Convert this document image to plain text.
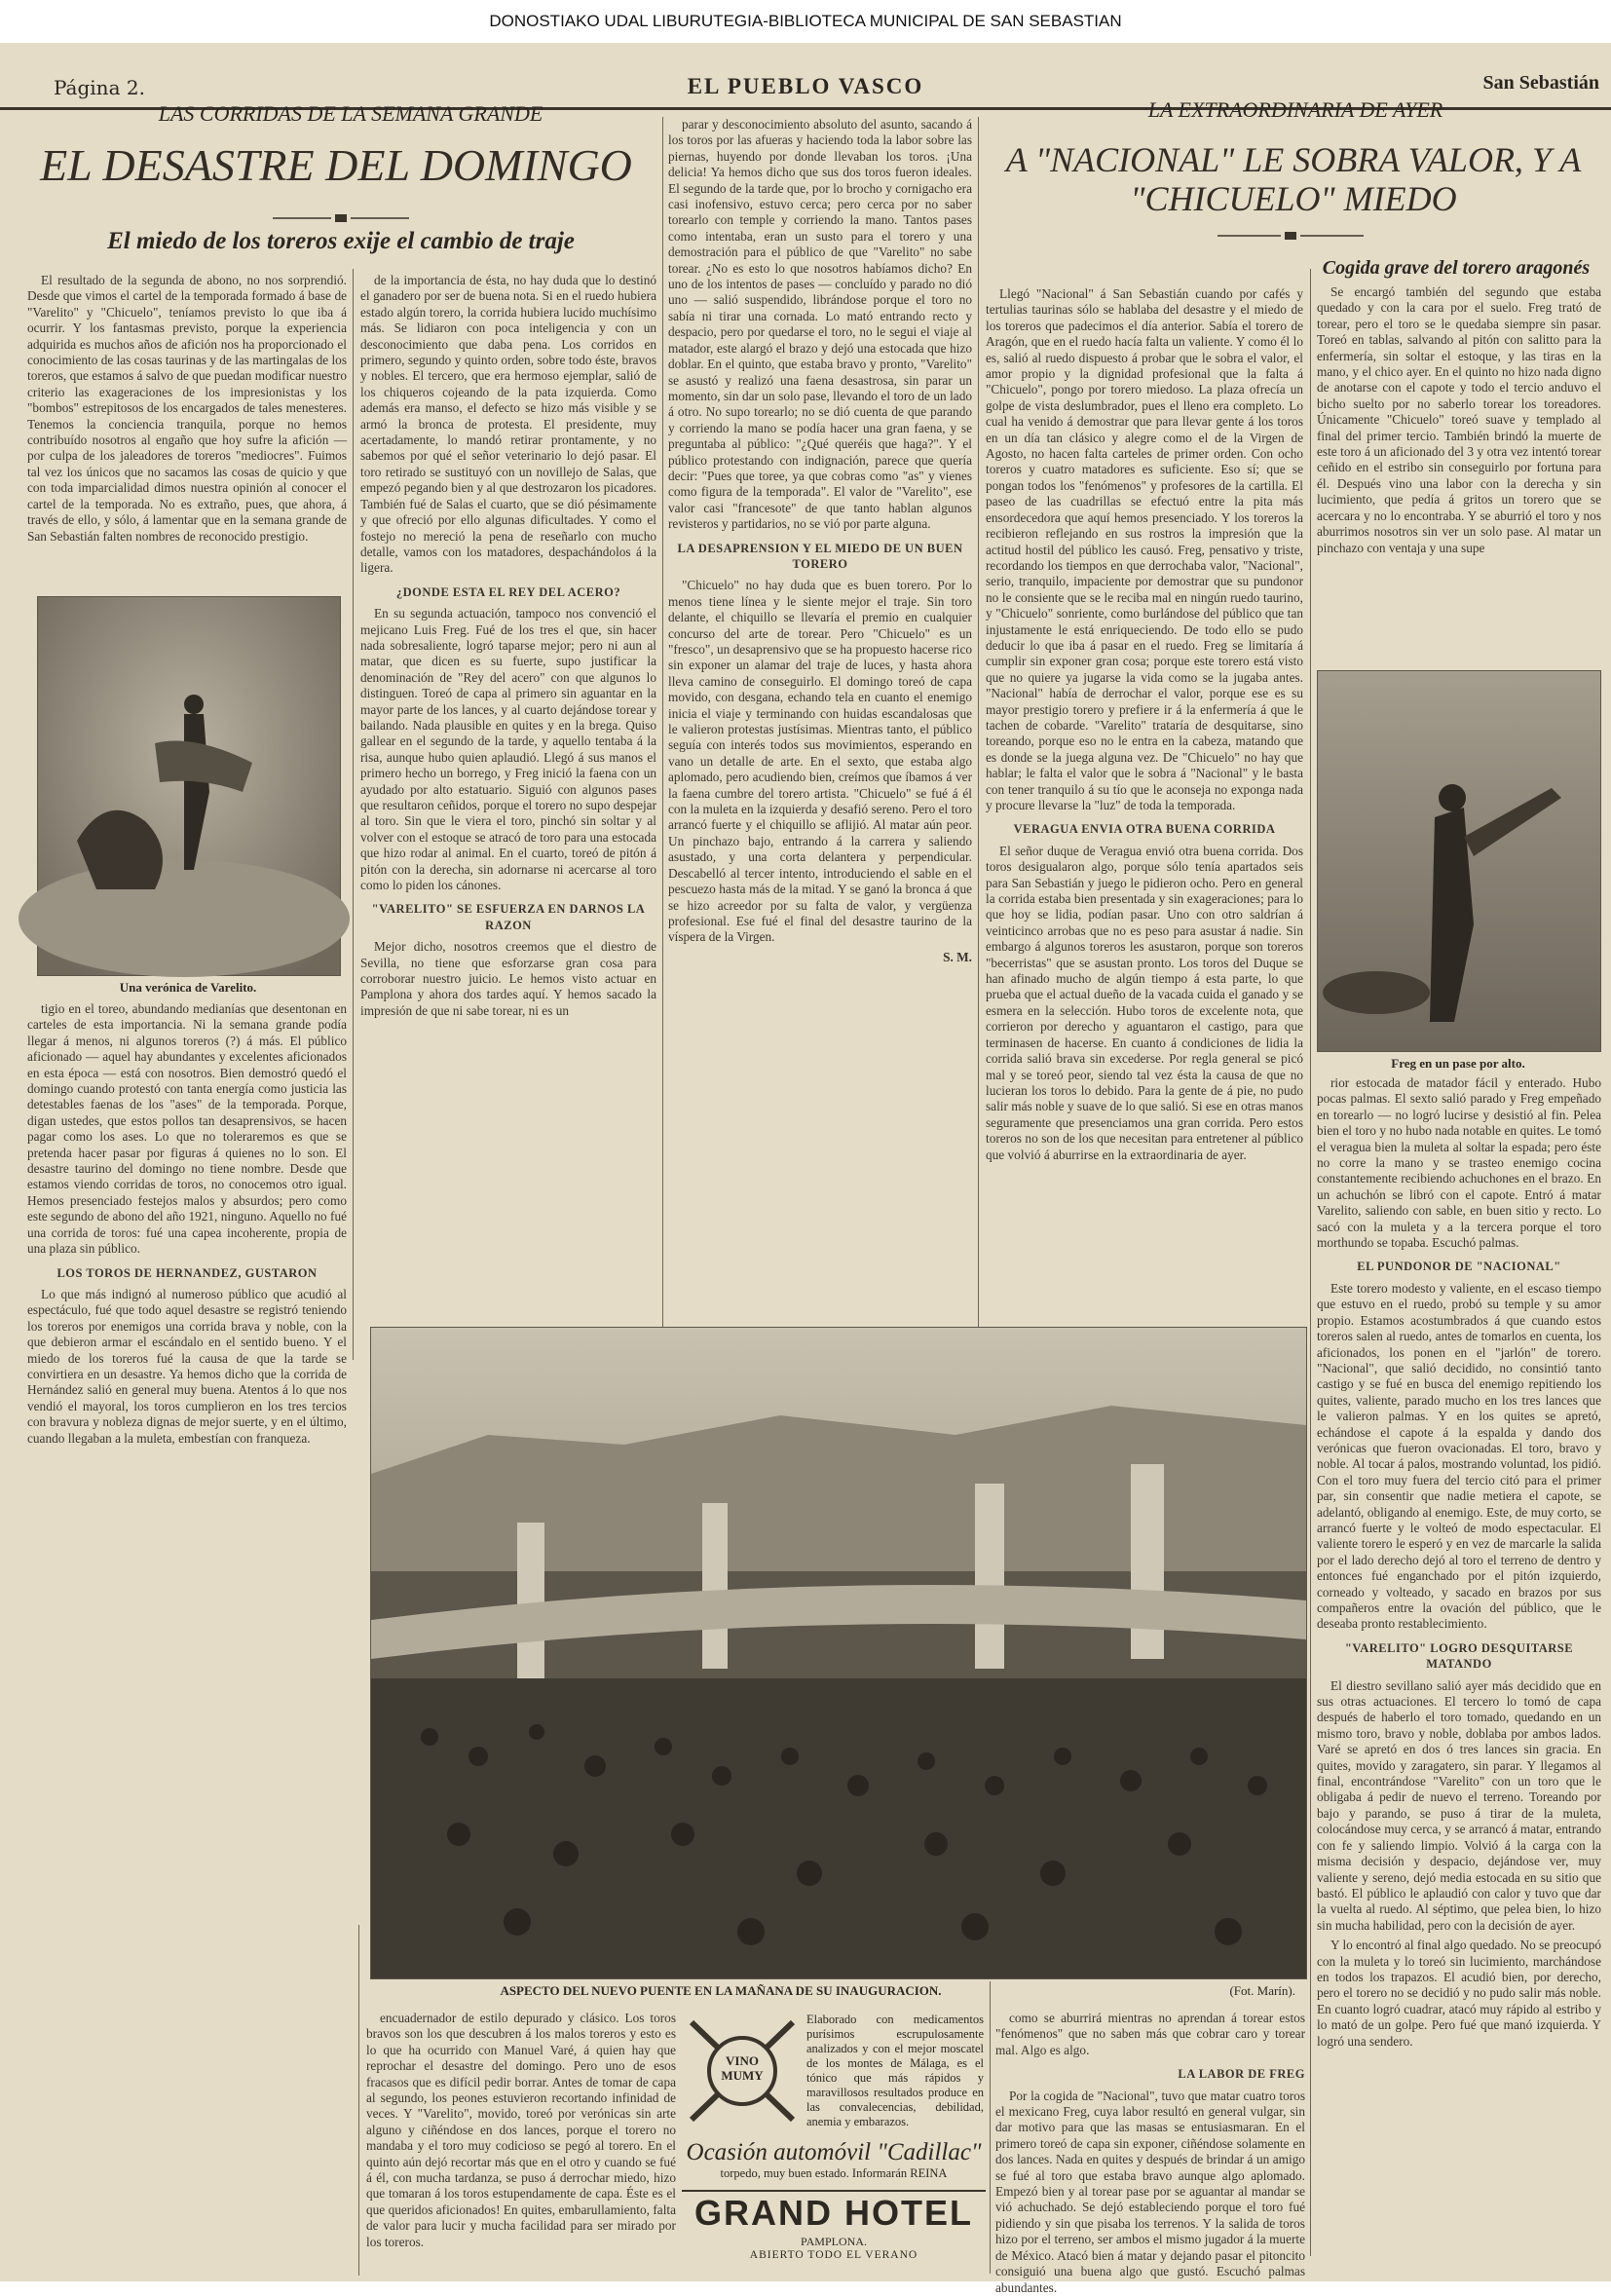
DONOSTIAKO UDAL LIBURUTEGIA-BIBLIOTECA MUNICIPAL DE SAN SEBASTIAN
Página 2.	EL PUEBLO VASCO	San Sebastián
LAS CORRIDAS DE LA SEMANA GRANDE
EL DESASTRE DEL DOMINGO
El miedo de los toreros exije el cambio de traje

El resultado de la segunda de abono, no nos sorprendió. Desde que vimos el cartel de la temporada formado á base de "Varelito" y "Chicuelo", teníamos previsto lo que iba á ocurrir. Y los fantasmas previsto, porque la experiencia adquirida es muchos años de afición nos ha proporcionado el conocimiento de las cosas taurinas y de las martingalas de los toreros, que estamos á salvo de que puedan modificar nuestro criterio las exageraciones de los impresionistas y los "bombos" estrepitosos de los encargados de tales menesteres. Tenemos la conciencia tranquila, porque no hemos contribuído nosotros al engaño que hoy sufre la afición — por culpa de los jaleadores de toreros "mediocres". Fuimos tal vez los únicos que no sacamos las cosas de quicio y que con toda imparcialidad dimos nuestra opinión al conocer el cartel de la temporada. No es extraño, pues, que ahora, á través de ello, y sólo, á lamentar que en la semana grande de San Sebastián falten nombres de reconocido prestigio.

Una verónica de Varelito.

tigio en el toreo, abundando medianías que desentonan en carteles de esta importancia. Ni la semana grande podía llegar á menos, ni algunos toreros (?) á más. El público aficionado — aquel hay abundantes y excelentes aficionados en esta época — está con nosotros. Bien demostró quedó el domingo cuando protestó con tanta energía como justicia las detestables faenas de los "ases" de la temporada. Porque, digan ustedes, que estos pollos tan desaprensivos, se hacen pagar como los ases. Lo que no toleraremos es que se pretenda hacer pasar por figuras á quienes no lo son. El desastre taurino del domingo no tiene nombre. Desde que estamos viendo corridas de toros, no conocemos otro igual. Hemos presenciado festejos malos y absurdos; pero como este segundo de abono del año 1921, ninguno. Aquello no fué una corrida de toros: fué una capea incoherente, propia de una plaza sin público.

LOS TOROS DE HERNANDEZ, GUSTARON

Lo que más indignó al numeroso público que acudió al espectáculo, fué que todo aquel desastre se registró teniendo los toreros por enemigos una corrida brava y noble, con la que debieron armar el escándalo en el sentido bueno. Y el miedo de los toreros fué la causa de que la tarde se convirtiera en un desastre. Ya hemos dicho que la corrida de Hernández salió en general muy buena. Atentos á lo que nos vendió el mayoral, los toros cumplieron en los tres tercios con bravura y nobleza dignas de mejor suerte, y en el último, cuando llegaban a la muleta, embestían con franqueza.

de la importancia de ésta, no hay duda que lo destinó el ganadero por ser de buena nota. Si en el ruedo hubiera estado algún torero, la corrida hubiera lucido muchísimo más. Se lidiaron con poca inteligencia y con un desconocimiento que daba pena. Los corridos en primero, segundo y quinto orden, sobre todo éste, bravos y nobles. El tercero, que era hermoso ejemplar, salió de los chiqueros cojeando de la pata izquierda. Como además era manso, el defecto se hizo más visible y se armó la bronca de protesta. El presidente, muy acertadamente, lo mandó retirar prontamente, y no sabemos por qué el señor veterinario lo dejó pasar. El toro retirado se sustituyó con un novillejo de Salas, que empezó pegando bien y al que destrozaron los picadores. También fué de Salas el cuarto, que se dió pésimamente y que ofreció por ello algunas dificultades. Y como el fostejo no mereció la pena de reseñarlo con mucho detalle, vamos con los matadores, despachándolos á la ligera.

¿DONDE ESTA EL REY DEL ACERO?

En su segunda actuación, tampoco nos convenció el mejicano Luis Freg. Fué de los tres el que, sin hacer nada sobresaliente, logró taparse mejor; pero ni aun al matar, que dicen es su fuerte, supo justificar la denominación de "Rey del acero" con que algunos lo distinguen. Toreó de capa al primero sin aguantar en la mayor parte de los lances, y al cuarto dejándose torear y bailando. Nada plausible en quites y en la brega. Quiso gallear en el segundo de la tarde, y aquello tentaba á la risa, aunque hubo quien aplaudió. Llegó á sus manos el primero hecho un borrego, y Freg inició la faena con un ayudado por alto estatuario. Siguió con algunos pases que resultaron ceñidos, porque el torero no supo despejar al toro. Sin que le viera el toro, pinchó sin soltar y al volver con el estoque se atracó de toro para una estocada que hizo rodar al animal. En el cuarto, toreó de pitón á pitón con la derecha, sin adornarse ni acercarse al toro como lo piden los cánones.

"VARELITO" SE ESFUERZA EN DARNOS LA RAZON

Mejor dicho, nosotros creemos que el diestro de Sevilla, no tiene que esforzarse gran cosa para corroborar nuestro juicio. Le hemos visto actuar en Pamplona y ahora dos tardes aquí. Y hemos sacado la impresión de que ni sabe torear, ni es un

parar y desconocimiento absoluto del asunto, sacando á los toros por las afueras y haciendo toda la labor sobre las piernas, huyendo por donde llevaban los toros. ¡Una delicia! Ya hemos dicho que sus dos toros fueron ideales. El segundo de la tarde que, por lo brocho y cornigacho era casi inofensivo, estuvo cerca; pero cerca por no saber torearlo con temple y corriendo la mano. Tantos pases como intentaba, eran un susto para el torero y una demostración para el público de que "Varelito" no sabe torear. ¿No es esto lo que nosotros habíamos dicho? En uno de los intentos de pases — concluído y parado no dió uno — salió suspendido, librándose porque el toro no sabía ni tirar una cornada. Lo mató entrando recto y despacio, pero por quedarse el toro, no le segui el viaje al matador, este alargó el brazo y dejó una estocada que hizo doblar. En el quinto, que estaba bravo y pronto, "Varelito" se asustó y realizó una faena desastrosa, sin parar un momento, sin dar un solo pase, llevando el toro de un lado á otro. No supo torearlo; no se dió cuenta de que parando y corriendo la mano se podía hacer una gran faena, y se preguntaba al público: "¿Qué queréis que haga?". Y el público protestando con indignación, parece que quería decir: "Pues que toree, ya que cobras como "as" y vienes como figura de la temporada". El valor de "Varelito", ese valor casi "francesote" de que tanto hablan algunos revisteros y partidarios, no se vió por parte alguna.

LA DESAPRENSION Y EL MIEDO DE UN BUEN TORERO

"Chicuelo" no hay duda que es buen torero. Por lo menos tiene línea y le siente mejor el traje. Sin toro delante, el chiquillo se llevaría el premio en cualquier concurso del arte de torear. Pero "Chicuelo" es un "fresco", un desaprensivo que se ha propuesto hacerse rico sin exponer un alamar del traje de luces, y hasta ahora lleva camino de conseguirlo. El domingo toreó de capa movido, con desgana, echando tela en cuanto el enemigo inicia el viaje y terminando con huidas escandalosas que le valieron protestas justísimas. Mientras tanto, el público seguía con interés todos sus movimientos, esperando en vano un detalle de arte. En el sexto, que estaba algo aplomado, pero acudiendo bien, creímos que íbamos á ver la faena cumbre del torero artista. "Chicuelo" se fué á él con la muleta en la izquierda y desafió sereno. Pero el toro arrancó fuerte y el chiquillo se aflijió. Al matar aún peor. Un pinchazo bajo, entrando á la carrera y saliendo asustado, y una corta delantera y perpendicular. Descabelló al tercer intento, introduciendo el sable en el pescuezo hasta más de la mitad. Y se ganó la bronca á que se hizo acreedor por su falta de valor, y vergüenza profesional. Ese fué el final del desastre taurino de la víspera de la Virgen.

S. M.
LA EXTRAORDINARIA DE AYER
A "NACIONAL" LE SOBRA VALOR, Y A
"CHICUELO" MIEDO
Cogida grave del torero aragonés

Llegó "Nacional" á San Sebastián cuando por cafés y tertulias taurinas sólo se hablaba del desastre y el miedo de los toreros que padecimos el día anterior. Sabía el torero de Aragón, que en el ruedo hacía falta un valiente. Y como él lo es, salió al ruedo dispuesto á probar que le sobra el valor, el amor propio y la dignidad profesional que la falta á "Chicuelo", pongo por torero miedoso. La plaza ofrecía un golpe de vista deslumbrador, pues el lleno era completo. Lo cual ha venido á demostrar que para llevar gente á los toros en un día tan clásico y alegre como el de la Virgen de Agosto, no hacen falta carteles de primer orden. Con ocho toreros y cuatro matadores es suficiente. Eso sí; que se pongan todos los "fenómenos" y profesores de la cartilla. El paseo de las cuadrillas se efectuó entre la pita más ensordecedora que aquí hemos presenciado. Y los toreros la recibieron reflejando en sus rostros la impresión que la actitud hostil del público les causó. Freg, pensativo y triste, recordando los tiempos en que derrochaba valor, "Nacional", serio, tranquilo, impaciente por demostrar que su pundonor no le consiente que se le reciba mal en ningún ruedo taurino, y "Chicuelo" sonriente, como burlándose del público que tan injustamente le está enriqueciendo. De todo ello se pudo deducir lo que iba á pasar en el ruedo. Freg se limitaría á cumplir sin exponer gran cosa; porque este torero está visto que no quiere ya jugarse la vida como se la jugaba antes. "Nacional" había de derrochar el valor, porque ese es su mayor prestigio torero y prefiere ir á la enfermería á que le tachen de cobarde. "Varelito" trataría de desquitarse, sino toreando, porque eso no le entra en la cabeza, matando que es donde se la juega alguna vez. De "Chicuelo" no hay que hablar; le falta el valor que le sobra á "Nacional" y le basta con tener tranquilo á su tío que le aconseja no exponga nada y procure llevarse la "luz" de toda la temporada.

VERAGUA ENVIA OTRA BUENA CORRIDA

El señor duque de Veragua envió otra buena corrida. Dos toros desigualaron algo, porque sólo tenía apartados seis para San Sebastián y juego le pidieron ocho. Pero en general la corrida estaba bien presentada y sin exageraciones; para lo que hoy se lidia, podían pasar. Uno con otro saldrían á veinticinco arrobas que no es peso para asustar á nadie. Sin embargo á algunos toreros les asustaron, porque son toreros "becerristas" que se asustan pronto. Los toros del Duque se han afinado mucho de algún tiempo á esta parte, lo que prueba que el actual dueño de la vacada cuida el ganado y se esmera en la selección. Hubo toros de excelente nota, que corrieron por derecho y aguantaron el castigo, para que terminasen de hacerse. En cuanto á condiciones de lidia la corrida salió brava sin excederse. Por regla general se picó mal y se toreó peor, siendo tal vez ésta la causa de que no lucieran los toros lo debido. Para la gente de á pie, no pudo salir más noble y suave de lo que salió. Si ese en otras manos seguramente que presenciamos una gran corrida. Pero estos toreros no son de los que necesitan para entretener al público que volvió á aburrirse en la extraordinaria de ayer.

Se encargó también del segundo que estaba quedado y con la cara por el suelo. Freg trató de torear, pero el toro se le quedaba siempre sin pasar. Toreó en tablas, salvando al pitón con salitto para la enfermería, sin soltar el estoque, y las tiras en la mano, y el chico ayer. En el quinto no hizo nada digno de anotarse con el capote y todo el tercio anduvo el bicho suelto por no saberlo torear los toreadores. Únicamente "Chicuelo" toreó suave y templado al final del primer tercio. También brindó la muerte de este toro á un aficionado del 3 y otra vez intentó torear ceñido en el estribo sin conseguirlo por fortuna para él. Después vino una labor con la derecha y sin lucimiento, que pedía á gritos un torero que se acercara y no lo encontraba. Y se aburrió el toro y nos aburrimos nosotros sin ver un solo pase. Al matar un pinchazo con ventaja y una supe

Freg en un pase por alto.

rior estocada de matador fácil y enterado. Hubo pocas palmas. El sexto salió parado y Freg empeñado en torearlo — no logró lucirse y desistió al fin. Pelea bien el toro y no hubo nada notable en quites. Le tomó el veragua bien la muleta al soltar la espada; pero éste no corre la mano y se trasteo enemigo cocina constantemente recibiendo achuchones en el brazo. En un achuchón se libró con el capote. Entró á matar Varelito, saliendo con sable, en buen sitio y recto. Lo sacó con la muleta y a la tercera porque el toro morthundo se topaba. Escuchó palmas.

EL PUNDONOR DE "NACIONAL"

Este torero modesto y valiente, en el escaso tiempo que estuvo en el ruedo, probó su temple y su amor propio. Estamos acostumbrados á que cuando estos toreros salen al ruedo, antes de tomarlos en cuenta, los aficionados, los ponen en el "jarlón" de torero. "Nacional", que salió decidido, no consintió tanto castigo y se fué en busca del enemigo repitiendo los quites, valiente, parado mucho en los tres lances que le valieron palmas. Y en los quites se apretó, echándose el capote á la espalda y dando dos verónicas que fueron ovacionadas. El toro, bravo y noble. Al tocar á palos, mostrando voluntad, los pidió. Con el toro muy fuera del tercio citó para el primer par, sin consentir que nadie metiera el capote, se adelantó, obligando al enemigo. Este, de muy corto, se arrancó fuerte y le volteó de modo espectacular. El valiente torero le esperó y en vez de marcarle la salida por el lado derecho dejó al toro el terreno de dentro y entonces fué enganchado por el pitón izquierdo, corneado y volteado, y sacado en brazos por sus compañeros entre la ovación del público, que le deseaba pronto restablecimiento.

"VARELITO" LOGRO DESQUITARSE MATANDO

El diestro sevillano salió ayer más decidido que en sus otras actuaciones. El tercero lo tomó de capa después de haberlo el toro tomado, quedando en un mismo toro, bravo y noble, doblaba por ambos lados. Varé se apretó en dos ó tres lances sin gracia. En quites, movido y zaragatero, sin parar. Y llegamos al final, encontrándose "Varelito" con un toro que le obligaba á pedir de nuevo el terreno. Toreando por bajo y parando, se puso á tirar de la muleta, colocándose muy cerca, y se arrancó á matar, entrando con fe y saliendo limpio. Volvió á la carga con la misma decisión y despacio, dejándose ver, muy valiente y sereno, dejó media estocada en su sitio que bastó. El público le aplaudió con calor y tuvo que dar la vuelta al ruedo. Al séptimo, que pelea bien, lo hizo sin mucha habilidad, pero con la decisión de ayer.

Y lo encontró al final algo quedado. No se preocupó con la muleta y lo toreó sin lucimiento, marchándose en todos los trapazos. El acudió bien, por derecho, pero el torero no se decidió y no pudo salir más noble. En cuanto logró cuadrar, atacó muy rápido al estribo y lo mató de un golpe. Pero fué que manó izquierda. Y logró una sendero.

ASPECTO DEL NUEVO PUENTE EN LA MAÑANA DE SU INAUGURACION.	(Fot. Marín).

encuadernador de estilo depurado y clásico. Los toros bravos son los que descubren á los malos toreros y esto es lo que ha ocurrido con Manuel Varé, á quien hay que reprochar el desastre del domingo. Pero uno de esos fracasos que es difícil pedir borrar. Antes de tomar de capa al segundo, los peones estuvieron recortando infinidad de veces. Y "Varelito", movido, toreó por verónicas sin arte alguno y ciñéndose en dos lances, porque el torero no mandaba y el toro muy codicioso se pegó al torero. En el quinto aún dejó recortar más que en el otro y cuando se fué á él, con mucha tardanza, se puso á derrochar miedo, hizo que tomaran á los toros estupendamente de capa. Éste es el que queridos aficionados! En quites, embarullamiento, falta de valor para lucir y mucha facilidad para ser mirado por los toreros.

VINO MUMY
Elaborado con medicamentos purísimos escrupulosamente analizados y con el mejor moscatel de los montes de Málaga, es el tónico que más rápidos y maravillosos resultados produce en las convalecencias, debilidad, anemia y embarazos.
Ocasión automóvil "Cadillac"
torpedo, muy buen estado. Informarán REINA
GRAND HOTEL
PAMPLONA.
ABIERTO TODO EL VERANO

como se aburrirá mientras no aprendan á torear estos "fenómenos" que no saben más que cobrar caro y torear mal. Algo es algo.

LA LABOR DE FREG

Por la cogida de "Nacional", tuvo que matar cuatro toros el mexicano Freg, cuya labor resultó en general vulgar, sin dar motivo para que las masas se entusiasmaran. En el primero toreó de capa sin exponer, ciñéndose solamente en dos lances. Nada en quites y después de brindar á un amigo se fué al toro que estaba bravo aunque algo aplomado. Empezó bien y al torear pase por se aguantar al mandar se vió achuchado. Se dejó estableciendo porque el toro fué pidiendo y sin que pisaba los terrenos. Y la salida de toros hizo por el terreno, ser ambos el mismo jugador á la muerte de México. Atacó bien á matar y dejando pasar el pitoncito consiguió una buena algo que gustó. Escuchó palmas abundantes.
